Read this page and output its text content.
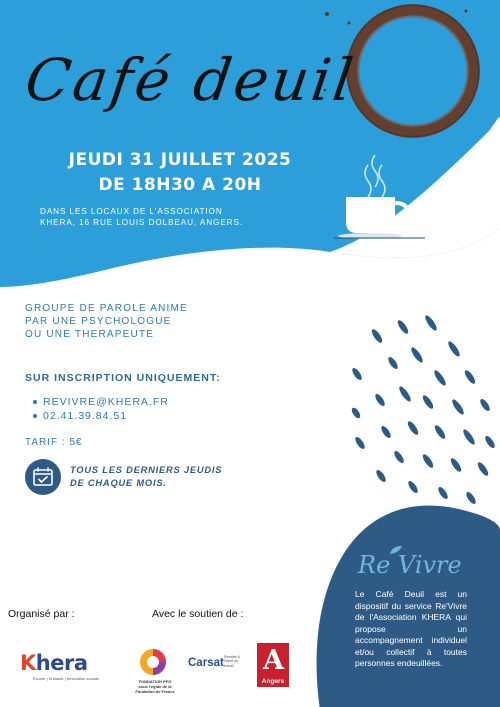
Café deuil
JEUDI 31 JUILLET 2025
DE 18H30 A 20H
DANS LES LOCAUX DE L'ASSOCIATION
KHERA, 16 RUE LOUIS DOLBEAU, ANGERS.
GROUPE DE PAROLE ANIME
PAR UNE PSYCHOLOGUE
OU UNE THERAPEUTE
SUR INSCRIPTION UNIQUEMENT:
REVIVRE@KHERA.FR
02.41.39.84.51
TARIF : 5€
TOUS LES DERNIERS JEUDIS
DE CHAQUE MOIS.
Re Vivre
Le Café Deuil est un dispositif du service Re'Vivre de l'Association KHERA qui propose un accompagnement individuel et/ou collectif à toutes personnes endeuillées.
Organisé par :	Avec le soutien de :
Khera
Écoute | Entraide | Innovation sociale
FONDATION PFG sous l'égide de la Fondation de France
Carsat Retraite & Santé au travail	A
Angers
